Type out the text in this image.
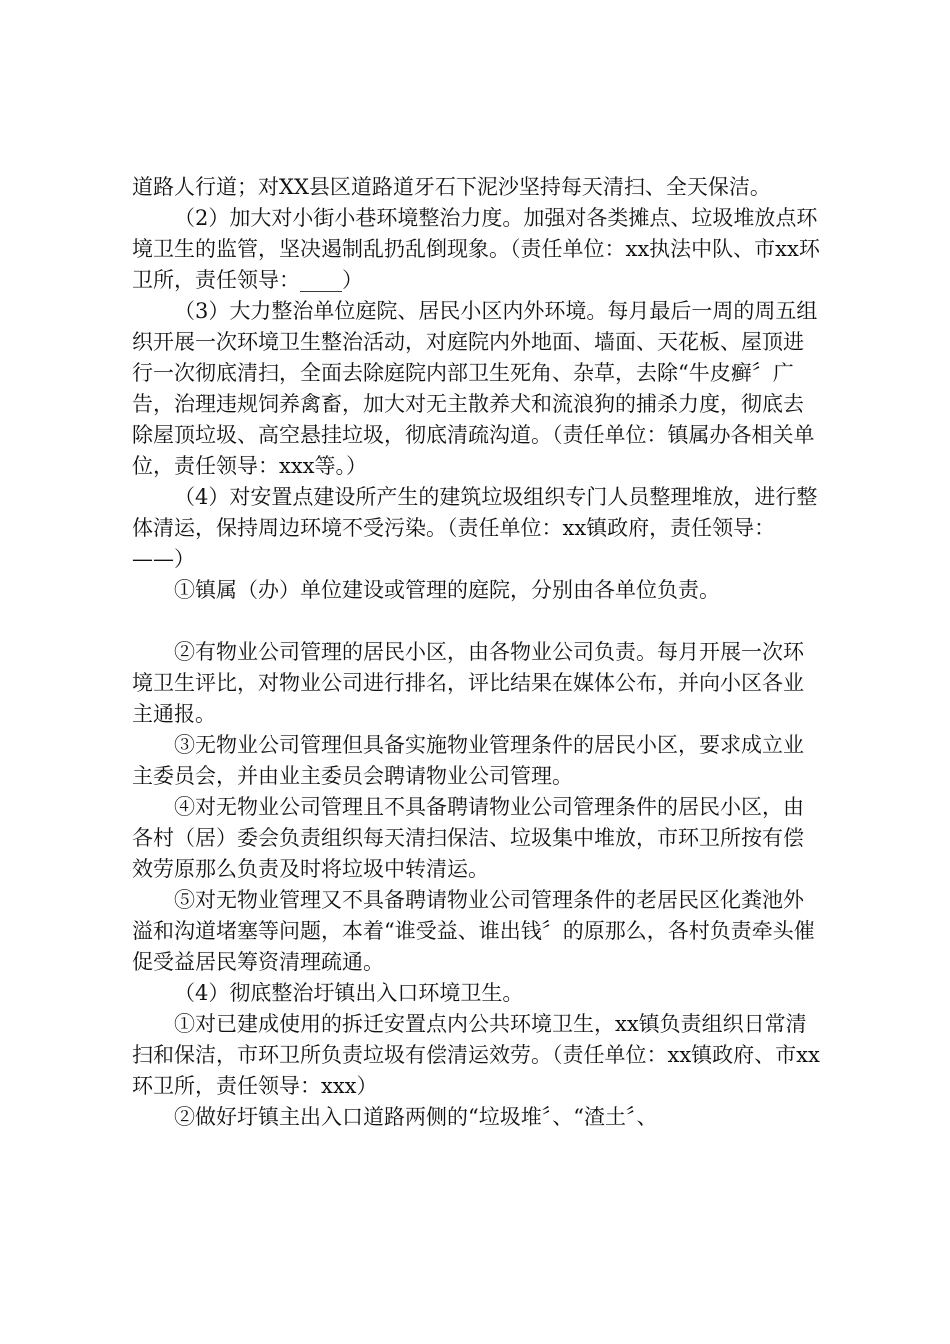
道路人行道；对XX县区道路道牙石下泥沙坚持每天清扫、全天保洁。

（2）加大对小街小巷环境整治力度。加强对各类摊点、垃圾堆放点环境卫生的监管，坚决遏制乱扔乱倒现象。（责任单位：xx执法中队、市xx环卫所，责任领导：____）

（3）大力整治单位庭院、居民小区内外环境。每月最后一周的周五组织开展一次环境卫生整治活动，对庭院内外地面、墙面、天花板、屋顶进行一次彻底清扫，全面去除庭院内部卫生死角、杂草，去除“牛皮癣〞广告，治理违规饲养禽畜，加大对无主散养犬和流浪狗的捕杀力度，彻底去除屋顶垃圾、高空悬挂垃圾，彻底清疏沟道。（责任单位：镇属办各相关单位，责任领导：xxx等。）

（4）对安置点建设所产生的建筑垃圾组织专门人员整理堆放，进行整体清运，保持周边环境不受污染。（责任单位：xx镇政府，责任领导：——）

①镇属（办）单位建设或管理的庭院，分别由各单位负责。

②有物业公司管理的居民小区，由各物业公司负责。每月开展一次环境卫生评比，对物业公司进行排名，评比结果在媒体公布，并向小区各业主通报。

③无物业公司管理但具备实施物业管理条件的居民小区，要求成立业主委员会，并由业主委员会聘请物业公司管理。

④对无物业公司管理且不具备聘请物业公司管理条件的居民小区，由各村（居）委会负责组织每天清扫保洁、垃圾集中堆放，市环卫所按有偿效劳原那么负责及时将垃圾中转清运。

⑤对无物业管理又不具备聘请物业公司管理条件的老居民区化粪池外溢和沟道堵塞等问题，本着“谁受益、谁出钱〞的原那么，各村负责牵头催促受益居民筹资清理疏通。

（4）彻底整治圩镇出入口环境卫生。

①对已建成使用的拆迁安置点内公共环境卫生，xx镇负责组织日常清扫和保洁，市环卫所负责垃圾有偿清运效劳。（责任单位：xx镇政府、市xx环卫所，责任领导：xxx）

②做好圩镇主出入口道路两侧的“垃圾堆〞、“渣土〞、
